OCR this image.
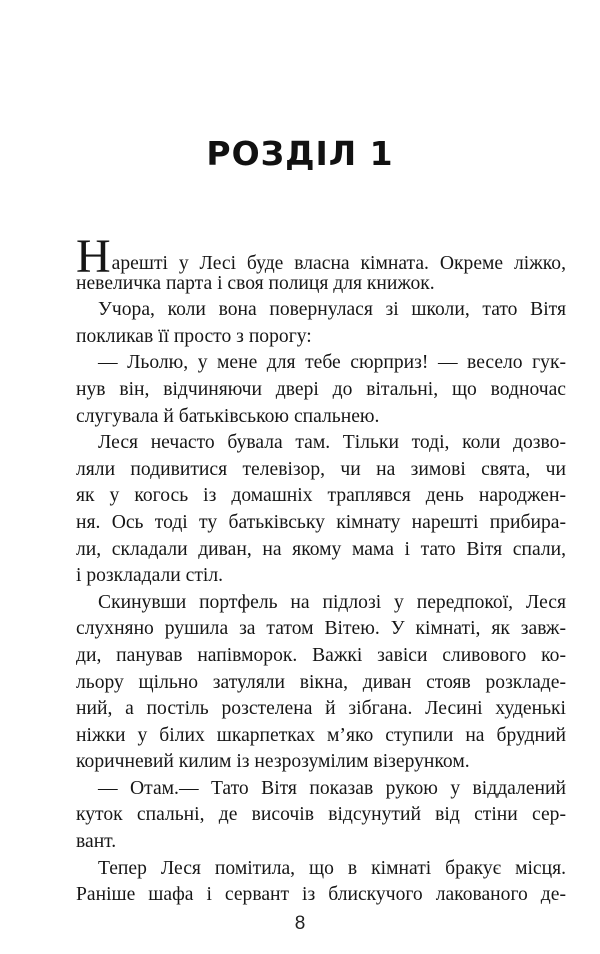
РОЗДІЛ 1
Нарешті у Лесі буде власна кімната. Окреме ліжко,
невеличка парта і своя полиця для книжок.
Учора, коли вона повернулася зі школи, тато Вітя
покликав її просто з порогу:
— Льолю, у мене для тебе сюрприз! — весело гук-
нув він, відчиняючи двері до вітальні, що водночас
слугувала й батьківською спальнею.
Леся нечасто бувала там. Тільки тоді, коли дозво-
ляли подивитися телевізор, чи на зимові свята, чи
як у когось із домашніх траплявся день народжен-
ня. Ось тоді ту батьківську кімнату нарешті прибира-
ли, складали диван, на якому мама і тато Вітя спали,
і розкладали стіл.
Скинувши портфель на підлозі у передпокої, Леся
слухняно рушила за татом Вітею. У кімнаті, як завж-
ди, панував напівморок. Важкі завіси сливового ко-
льору щільно затуляли вікна, диван стояв розкладе-
ний, а постіль розстелена й зібгана. Лесині худенькі
ніжки у білих шкарпетках м’яко ступили на брудний
коричневий килим із незрозумілим візерунком.
— Отам.— Тато Вітя показав рукою у віддалений
куток спальні, де височів відсунутий від стіни сер-
вант.
Тепер Леся помітила, що в кімнаті бракує місця.
Раніше шафа і сервант із блискучого лакованого де-
8
